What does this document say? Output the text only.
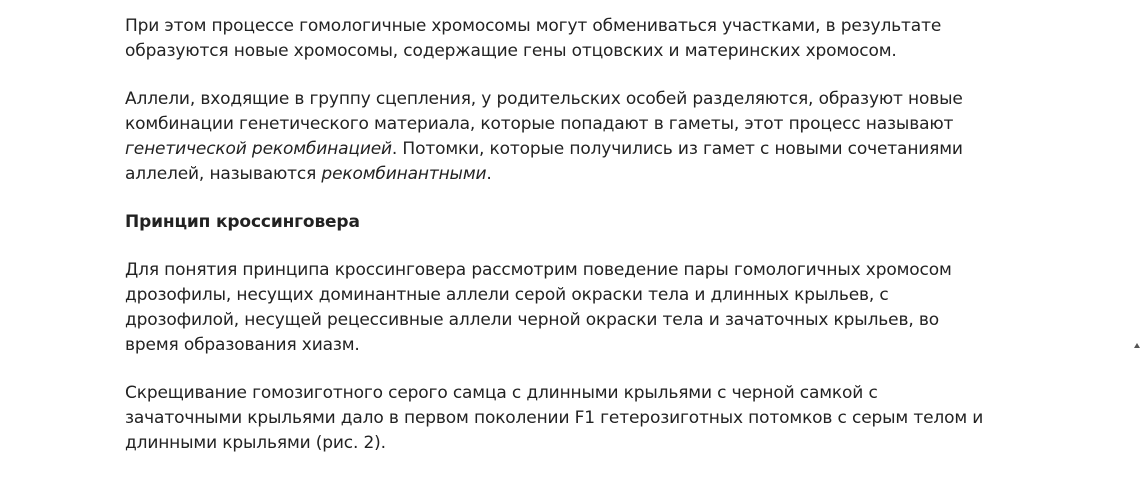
При этом процессе гомологичные хромосомы могут обмениваться участками, в результате образуются новые хромосомы, содержащие гены отцовских и материнских хромосом.

Аллели, входящие в группу сцепления, у родительских особей разделяются, образуют новые комбинации генетического материала, которые попадают в гаметы, этот процесс называют генетической рекомбинацией. Потомки, которые получились из гамет с новыми сочетаниями аллелей, называются рекомбинантными.

Принцип кроссинговера

Для понятия принципа кроссинговера рассмотрим поведение пары гомологичных хромосом дрозофилы, несущих доминантные аллели серой окраски тела и длинных крыльев, с дрозофилой, несущей рецессивные аллели черной окраски тела и зачаточных крыльев, во время образования хиазм.

Скрещивание гомозиготного серого самца с длинными крыльями с черной самкой с зачаточными крыльями дало в первом поколении F1 гетерозиготных потомков с серым телом и длинными крыльями (рис. 2).
